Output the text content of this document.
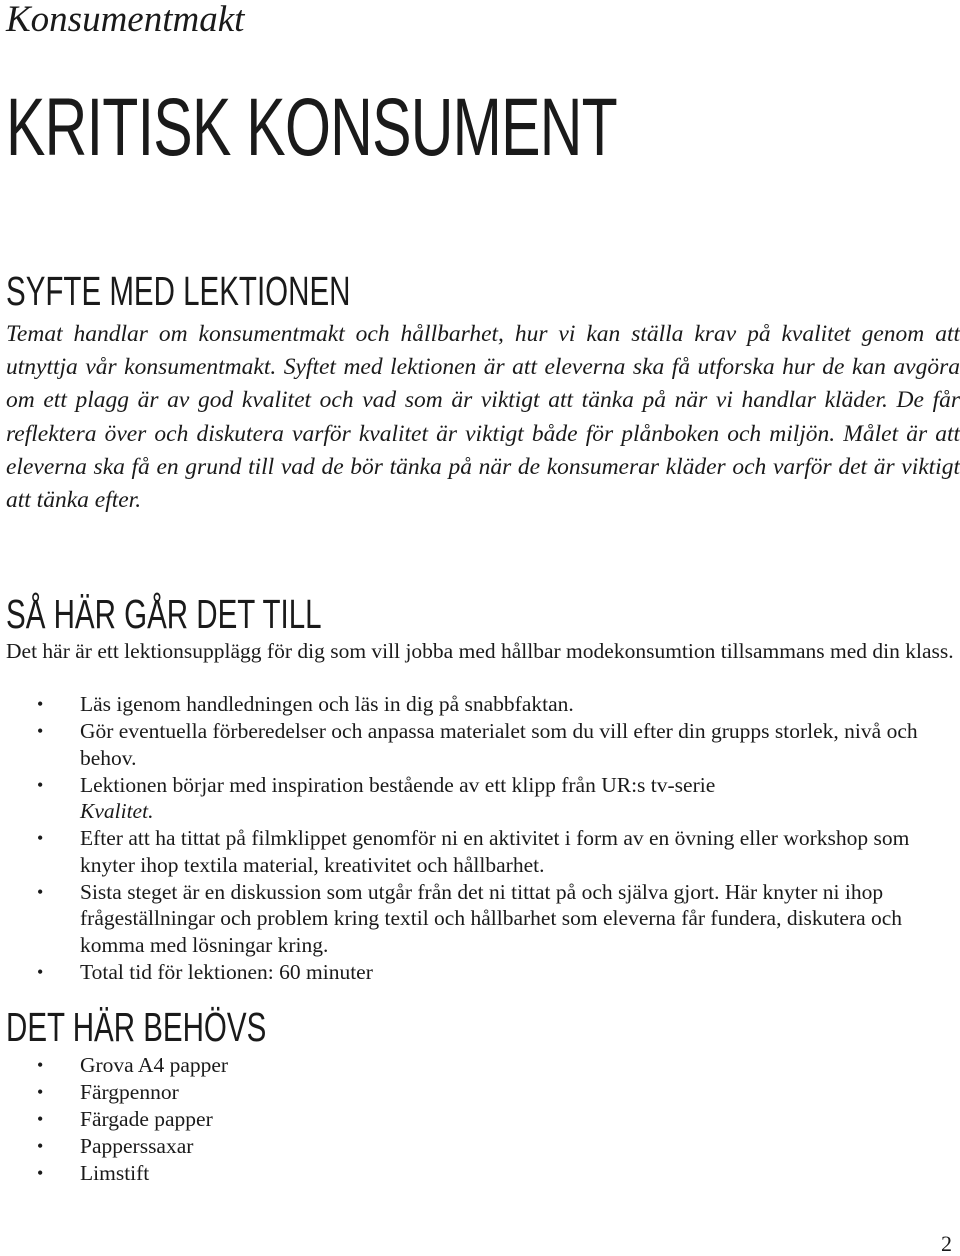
Konsumentmakt

KRITISK KONSUMENT
SYFTE MED LEKTIONEN

Temat handlar om konsumentmakt och hållbarhet, hur vi kan ställa krav på kvalitet genom att utnyttja vår konsumentmakt. Syftet med lektionen är att eleverna ska få utforska hur de kan avgöra om ett plagg är av god kvalitet och vad som är viktigt att tänka på när vi handlar kläder. De får reflektera över och diskutera varför kvalitet är viktigt både för plånboken och miljön. Målet är att eleverna ska få en grund till vad de bör tänka på när de konsumerar kläder och varför det är viktigt att tänka efter.

SÅ HÄR GÅR DET TILL

Det här är ett lektionsupplägg för dig som vill jobba med hållbar modekonsumtion tillsammans med din klass.

• Läs igenom handledningen och läs in dig på snabbfaktan.
• Gör eventuella förberedelser och anpassa materialet som du vill efter din grupps storlek, nivå och behov.
• Lektionen börjar med inspiration bestående av ett klipp från UR:s tv-serie
Kvalitet.
• Efter att ha tittat på filmklippet genomför ni en aktivitet i form av en övning eller workshop som knyter ihop textila material, kreativitet och hållbarhet.
• Sista steget är en diskussion som utgår från det ni tittat på och själva gjort. Här knyter ni ihop frågeställningar och problem kring textil och hållbarhet som eleverna får fundera, diskutera och komma med lösningar kring.
• Total tid för lektionen: 60 minuter
DET HÄR BEHÖVS
• Grova A4 papper
• Färgpennor
• Färgade papper
• Papperssaxar
• Limstift
2
